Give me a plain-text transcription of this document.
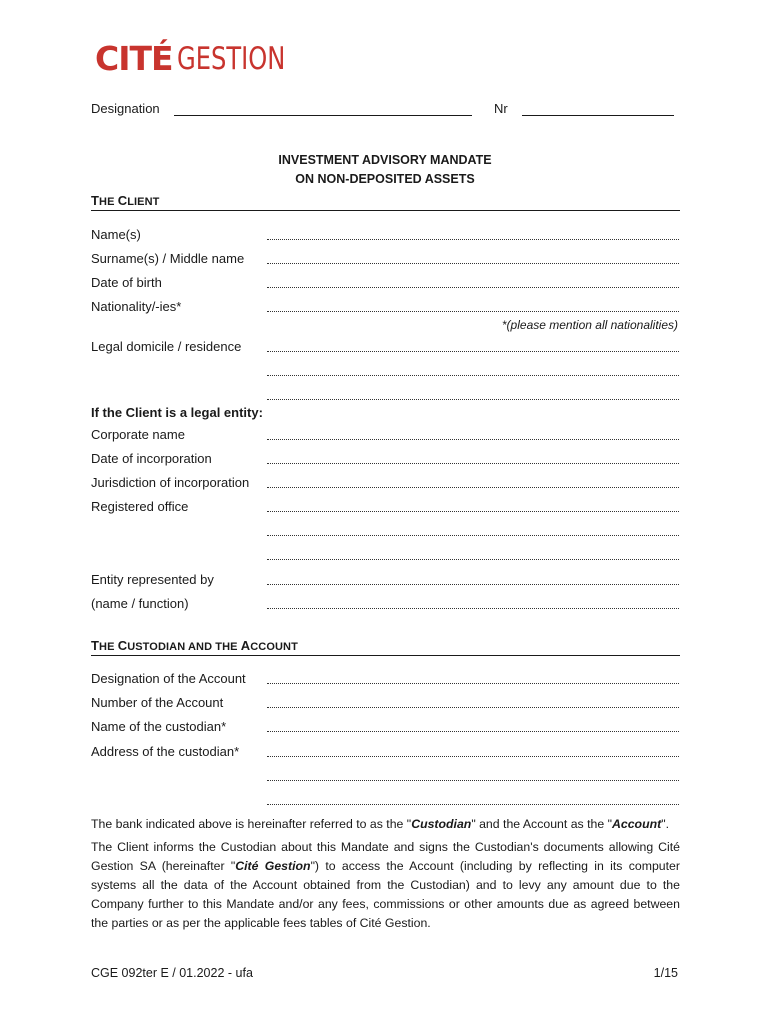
CITÉ GESTION
Designation	Nr
INVESTMENT ADVISORY MANDATE
ON NON-DEPOSITED ASSETS
THE CLIENT
Name(s)
Surname(s) / Middle name
Date of birth
Nationality/-ies*
*(please mention all nationalities)
Legal domicile / residence
If the Client is a legal entity:
Corporate name
Date of incorporation
Jurisdiction of incorporation
Registered office
Entity represented by
(name / function)
THE CUSTODIAN AND THE ACCOUNT
Designation of the Account
Number of the Account
Name of the custodian*
Address of the custodian*
The bank indicated above is hereinafter referred to as the "Custodian" and the Account as the "Account".
The Client informs the Custodian about this Mandate and signs the Custodian's documents allowing Cité Gestion SA (hereinafter "Cité Gestion") to access the Account (including by reflecting in its computer systems all the data of the Account obtained from the Custodian) and to levy any amount due to the Company further to this Mandate and/or any fees, commissions or other amounts due as agreed between the parties or as per the applicable fees tables of Cité Gestion.
CGE 092ter E / 01.2022 - ufa	1/15
